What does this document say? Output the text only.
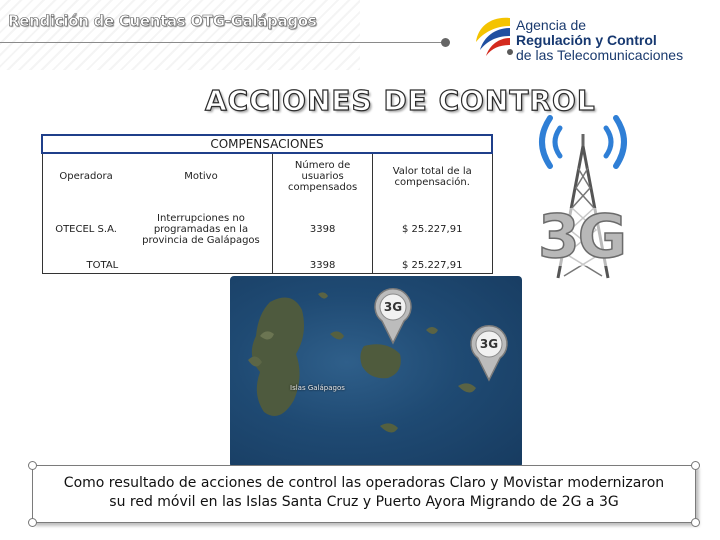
Rendición de Cuentas OTG-Galápagos	Agencia de
Regulación y Control
de las Telecomunicaciones
ACCIONES DE CONTROL
COMPENSACIONES			
Operadora	Motivo	Número de usuarios compensados	Valor total de la compensación.
OTECEL S.A.	Interrupciones no programadas en la provincia de Galápagos	3398	$ 25.227,91
TOTAL		3398	$ 25.227,91 3G
Islas Galápagos
3G
3G
Como resultado de acciones de control las operadoras Claro y Movistar modernizaron
su red móvil en las Islas Santa Cruz y Puerto Ayora Migrando de 2G a 3G
